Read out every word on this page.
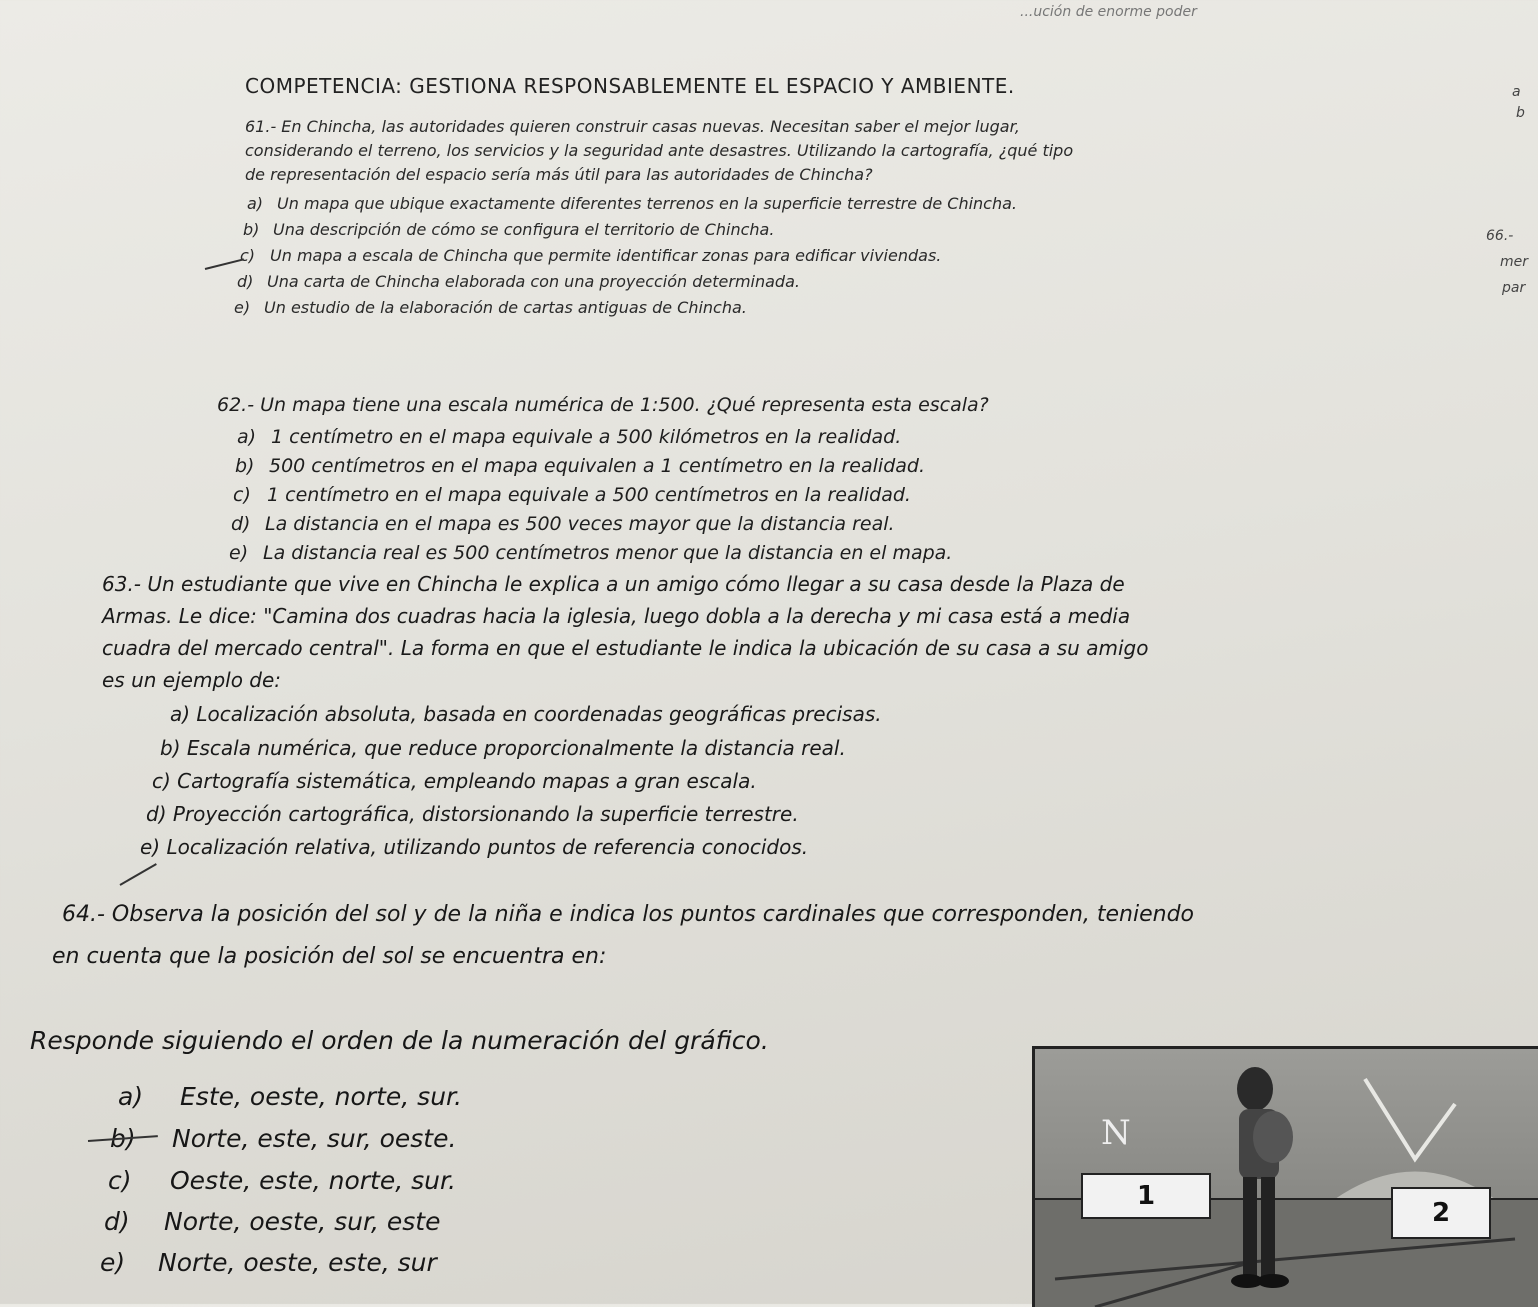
...ución de enorme poder
COMPETENCIA: GESTIONA RESPONSABLEMENTE EL ESPACIO Y AMBIENTE.	a
b
66.-
mer
par
61.- En Chincha, las autoridades quieren construir casas nuevas. Necesitan saber el mejor lugar,
considerando el terreno, los servicios y la seguridad ante desastres. Utilizando la cartografía, ¿qué tipo
de representación del espacio sería más útil para las autoridades de Chincha?
a) Un mapa que ubique exactamente diferentes terrenos en la superficie terrestre de Chincha.
b) Una descripción de cómo se configura el territorio de Chincha.
c) Un mapa a escala de Chincha que permite identificar zonas para edificar viviendas.
d) Una carta de Chincha elaborada con una proyección determinada.
e) Un estudio de la elaboración de cartas antiguas de Chincha.
62.- Un mapa tiene una escala numérica de 1:500. ¿Qué representa esta escala?
a) 1 centímetro en el mapa equivale a 500 kilómetros en la realidad.
b) 500 centímetros en el mapa equivalen a 1 centímetro en la realidad.
c) 1 centímetro en el mapa equivale a 500 centímetros en la realidad.
d) La distancia en el mapa es 500 veces mayor que la distancia real.
e) La distancia real es 500 centímetros menor que la distancia en el mapa.
63.- Un estudiante que vive en Chincha le explica a un amigo cómo llegar a su casa desde la Plaza de
Armas. Le dice: "Camina dos cuadras hacia la iglesia, luego dobla a la derecha y mi casa está a media
cuadra del mercado central". La forma en que el estudiante le indica la ubicación de su casa a su amigo
es un ejemplo de:
a) Localización absoluta, basada en coordenadas geográficas precisas.
b) Escala numérica, que reduce proporcionalmente la distancia real.
c) Cartografía sistemática, empleando mapas a gran escala.
d) Proyección cartográfica, distorsionando la superficie terrestre.
e) Localización relativa, utilizando puntos de referencia conocidos.
64.- Observa la posición del sol y de la niña e indica los puntos cardinales que corresponden, teniendo
en cuenta que la posición del sol se encuentra en:
Responde siguiendo el orden de la numeración del gráfico.
a) Este, oeste, norte, sur.
Norte, este, sur, oeste.
c) Oeste, este, norte, sur.
d) Norte, oeste, sur, este
e) Norte, oeste, este, sur
N
1
2
